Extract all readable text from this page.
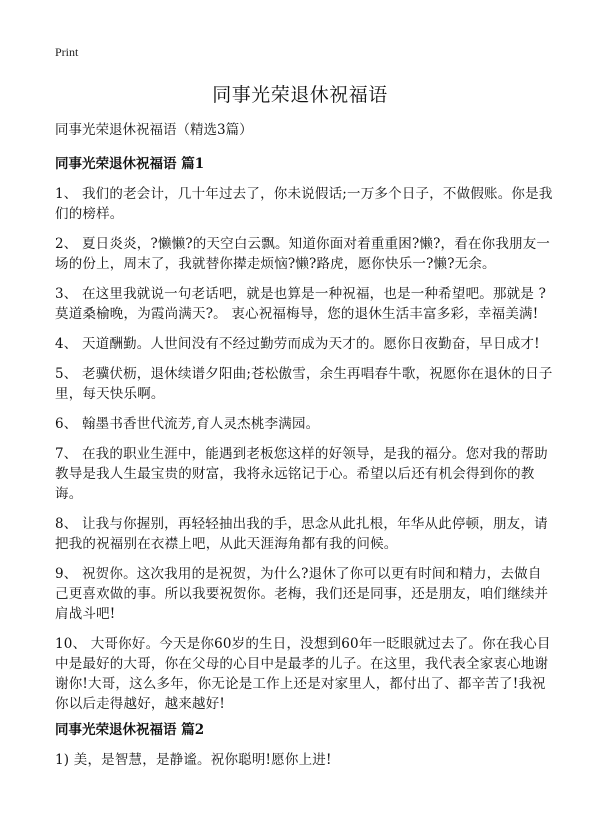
Print
同事光荣退休祝福语

同事光荣退休祝福语（精选3篇）

同事光荣退休祝福语 篇1

1、 我们的老会计，几十年过去了，你未说假话;一万多个日子，不做假账。你是我们的榜样。

2、 夏日炎炎，?懒懒?的天空白云飘。知道你面对着重重困?懒?，看在你我朋友一场的份上，周末了，我就替你撵走烦恼?懒?路虎，愿你快乐一?懒?无余。

3、 在这里我就说一句老话吧，就是也算是一种祝福，也是一种希望吧。那就是 ?莫道桑榆晚，为霞尚满天?。 衷心祝福梅导，您的退休生活丰富多彩，幸福美满!

4、 天道酬勤。人世间没有不经过勤劳而成为天才的。愿你日夜勤奋，早日成才!

5、 老骥伏枥，退休续谱夕阳曲;苍松傲雪，余生再唱春牛歌，祝愿你在退休的日子里，每天快乐啊。

6、 翰墨书香世代流芳,育人灵杰桃李满园。

7、 在我的职业生涯中，能遇到老板您这样的好领导，是我的福分。您对我的帮助教导是我人生最宝贵的财富，我将永远铭记于心。希望以后还有机会得到你的教诲。

8、 让我与你握别，再轻轻抽出我的手，思念从此扎根，年华从此停顿，朋友，请把我的祝福别在衣襟上吧，从此天涯海角都有我的问候。

9、 祝贺你。这次我用的是祝贺，为什么?退休了你可以更有时间和精力，去做自己更喜欢做的事。所以我要祝贺你。老梅，我们还是同事，还是朋友，咱们继续并肩战斗吧!

10、 大哥你好。今天是你60岁的生日，没想到60年一眨眼就过去了。你在我心目中是最好的大哥，你在父母的心目中是最孝的儿子。在这里，我代表全家衷心地谢谢你!大哥，这么多年，你无论是工作上还是对家里人，都付出了、都辛苦了!我祝你以后走得越好，越来越好!

同事光荣退休祝福语 篇2

1) 美，是智慧，是静谧。祝你聪明!愿你上进!
